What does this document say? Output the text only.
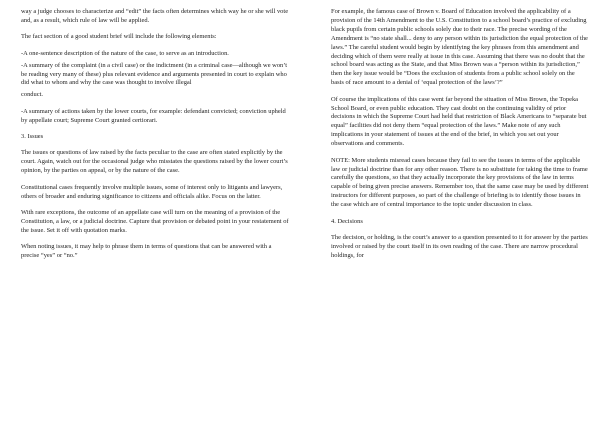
way a judge chooses to characterize and “edit” the facts often determines which way he or she will vote and, as a result, which rule of law will be applied.

The fact section of a good student brief will include the following elements:

-A one-sentence description of the nature of the case, to serve as an introduction.

-A summary of the complaint (in a civil case) or the indictment (in a criminal case—although we won’t be reading very many of these) plus relevant evidence and arguments presented in court to explain who did what to whom and why the case was thought to involve illegal

conduct.

-A summary of actions taken by the lower courts, for example: defendant convicted; conviction upheld by appellate court; Supreme Court granted certiorari.

3. Issues

The issues or questions of law raised by the facts peculiar to the case are often stated explicitly by the court. Again, watch out for the occasional judge who misstates the questions raised by the lower court’s opinion, by the parties on appeal, or by the nature of the case.

Constitutional cases frequently involve multiple issues, some of interest only to litigants and lawyers, others of broader and enduring significance to citizens and officials alike. Focus on the latter.

With rare exceptions, the outcome of an appellate case will turn on the meaning of a provision of the Constitution, a law, or a judicial doctrine. Capture that provision or debated point in your restatement of the issue. Set it off with quotation marks.

When noting issues, it may help to phrase them in terms of questions that can be answered with a precise “yes” or “no.”

For example, the famous case of Brown v. Board of Education involved the applicability of a provision of the 14th Amendment to the U.S. Constitution to a school board’s practice of excluding black pupils from certain public schools solely due to their race. The precise wording of the Amendment is “no state shall... deny to any person within its jurisdiction the equal protection of the laws.” The careful student would begin by identifying the key phrases from this amendment and deciding which of them were really at issue in this case. Assuming that there was no doubt that the school board was acting as the State, and that Miss Brown was a “person within its jurisdiction,” then the key issue would be “Does the exclusion of students from a public school solely on the basis of race amount to a denial of ‘equal protection of the laws’?”

Of course the implications of this case went far beyond the situation of Miss Brown, the Topeka School Board, or even public education. They cast doubt on the continuing validity of prior decisions in which the Supreme Court had held that restriction of Black Americans to “separate but equal” facilities did not deny them “equal protection of the laws.” Make note of any such implications in your statement of issues at the end of the brief, in which you set out your observations and comments.

NOTE: More students misread cases because they fail to see the issues in terms of the applicable law or judicial doctrine than for any other reason. There is no substitute for taking the time to frame carefully the questions, so that they actually incorporate the key provisions of the law in terms capable of being given precise answers. Remember too, that the same case may be used by different instructors for different purposes, so part of the challenge of briefing is to identify those issues in the case which are of central importance to the topic under discussion in class.

4. Decisions

The decision, or holding, is the court’s answer to a question presented to it for answer by the parties involved or raised by the court itself in its own reading of the case. There are narrow procedural holdings, for
